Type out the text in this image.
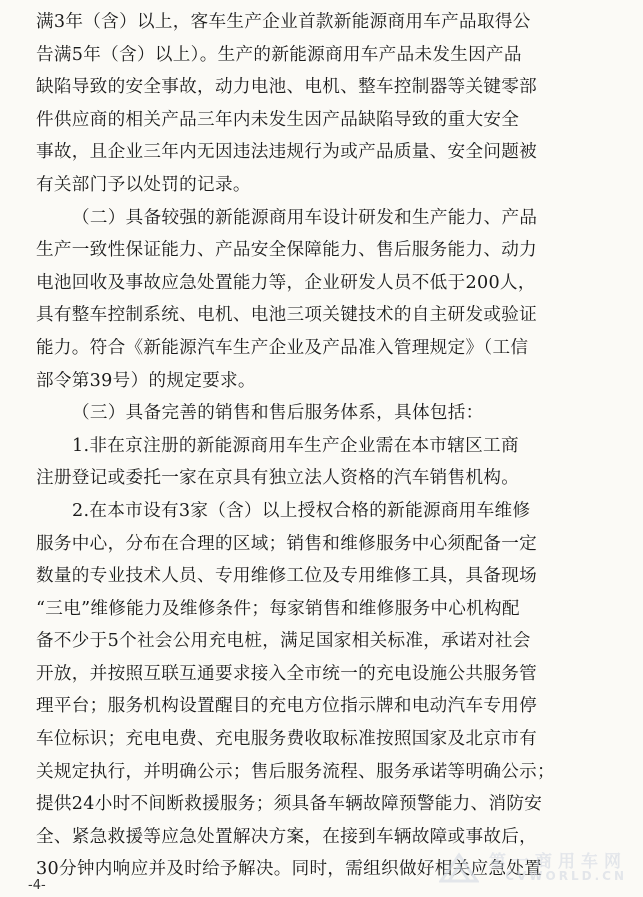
满3年（含）以上，客车生产企业首款新能源商用车产品取得公
告满5年（含）以上）。生产的新能源商用车产品未发生因产品
缺陷导致的安全事故，动力电池、电机、整车控制器等关键零部
件供应商的相关产品三年内未发生因产品缺陷导致的重大安全
事故，且企业三年内无因违法违规行为或产品质量、安全问题被
有关部门予以处罚的记录。
（二）具备较强的新能源商用车设计研发和生产能力、产品
生产一致性保证能力、产品安全保障能力、售后服务能力、动力
电池回收及事故应急处置能力等，企业研发人员不低于200人，
具有整车控制系统、电机、电池三项关键技术的自主研发或验证
能力。符合《新能源汽车生产企业及产品准入管理规定》（工信
部令第39号）的规定要求。
（三）具备完善的销售和售后服务体系，具体包括：
1.非在京注册的新能源商用车生产企业需在本市辖区工商
注册登记或委托一家在京具有独立法人资格的汽车销售机构。
2.在本市设有3家（含）以上授权合格的新能源商用车维修
服务中心，分布在合理的区域；销售和维修服务中心须配备一定
数量的专业技术人员、专用维修工位及专用维修工具，具备现场
“三电”维修能力及维修条件；每家销售和维修服务中心机构配
备不少于5个社会公用充电桩，满足国家相关标准，承诺对社会
开放，并按照互联互通要求接入全市统一的充电设施公共服务管
理平台；服务机构设置醒目的充电方位指示牌和电动汽车专用停
车位标识；充电电费、充电服务费收取标准按照国家及北京市有
关规定执行，并明确公示；售后服务流程、服务承诺等明确公示；
提供24小时不间断救援服务；须具备车辆故障预警能力、消防安
全、紧急救援等应急处置解决方案，在接到车辆故障或事故后，
30分钟内响应并及时给予解决。同时，需组织做好相关应急处置
-4-
第一商用车网
CVWORLD.CN
